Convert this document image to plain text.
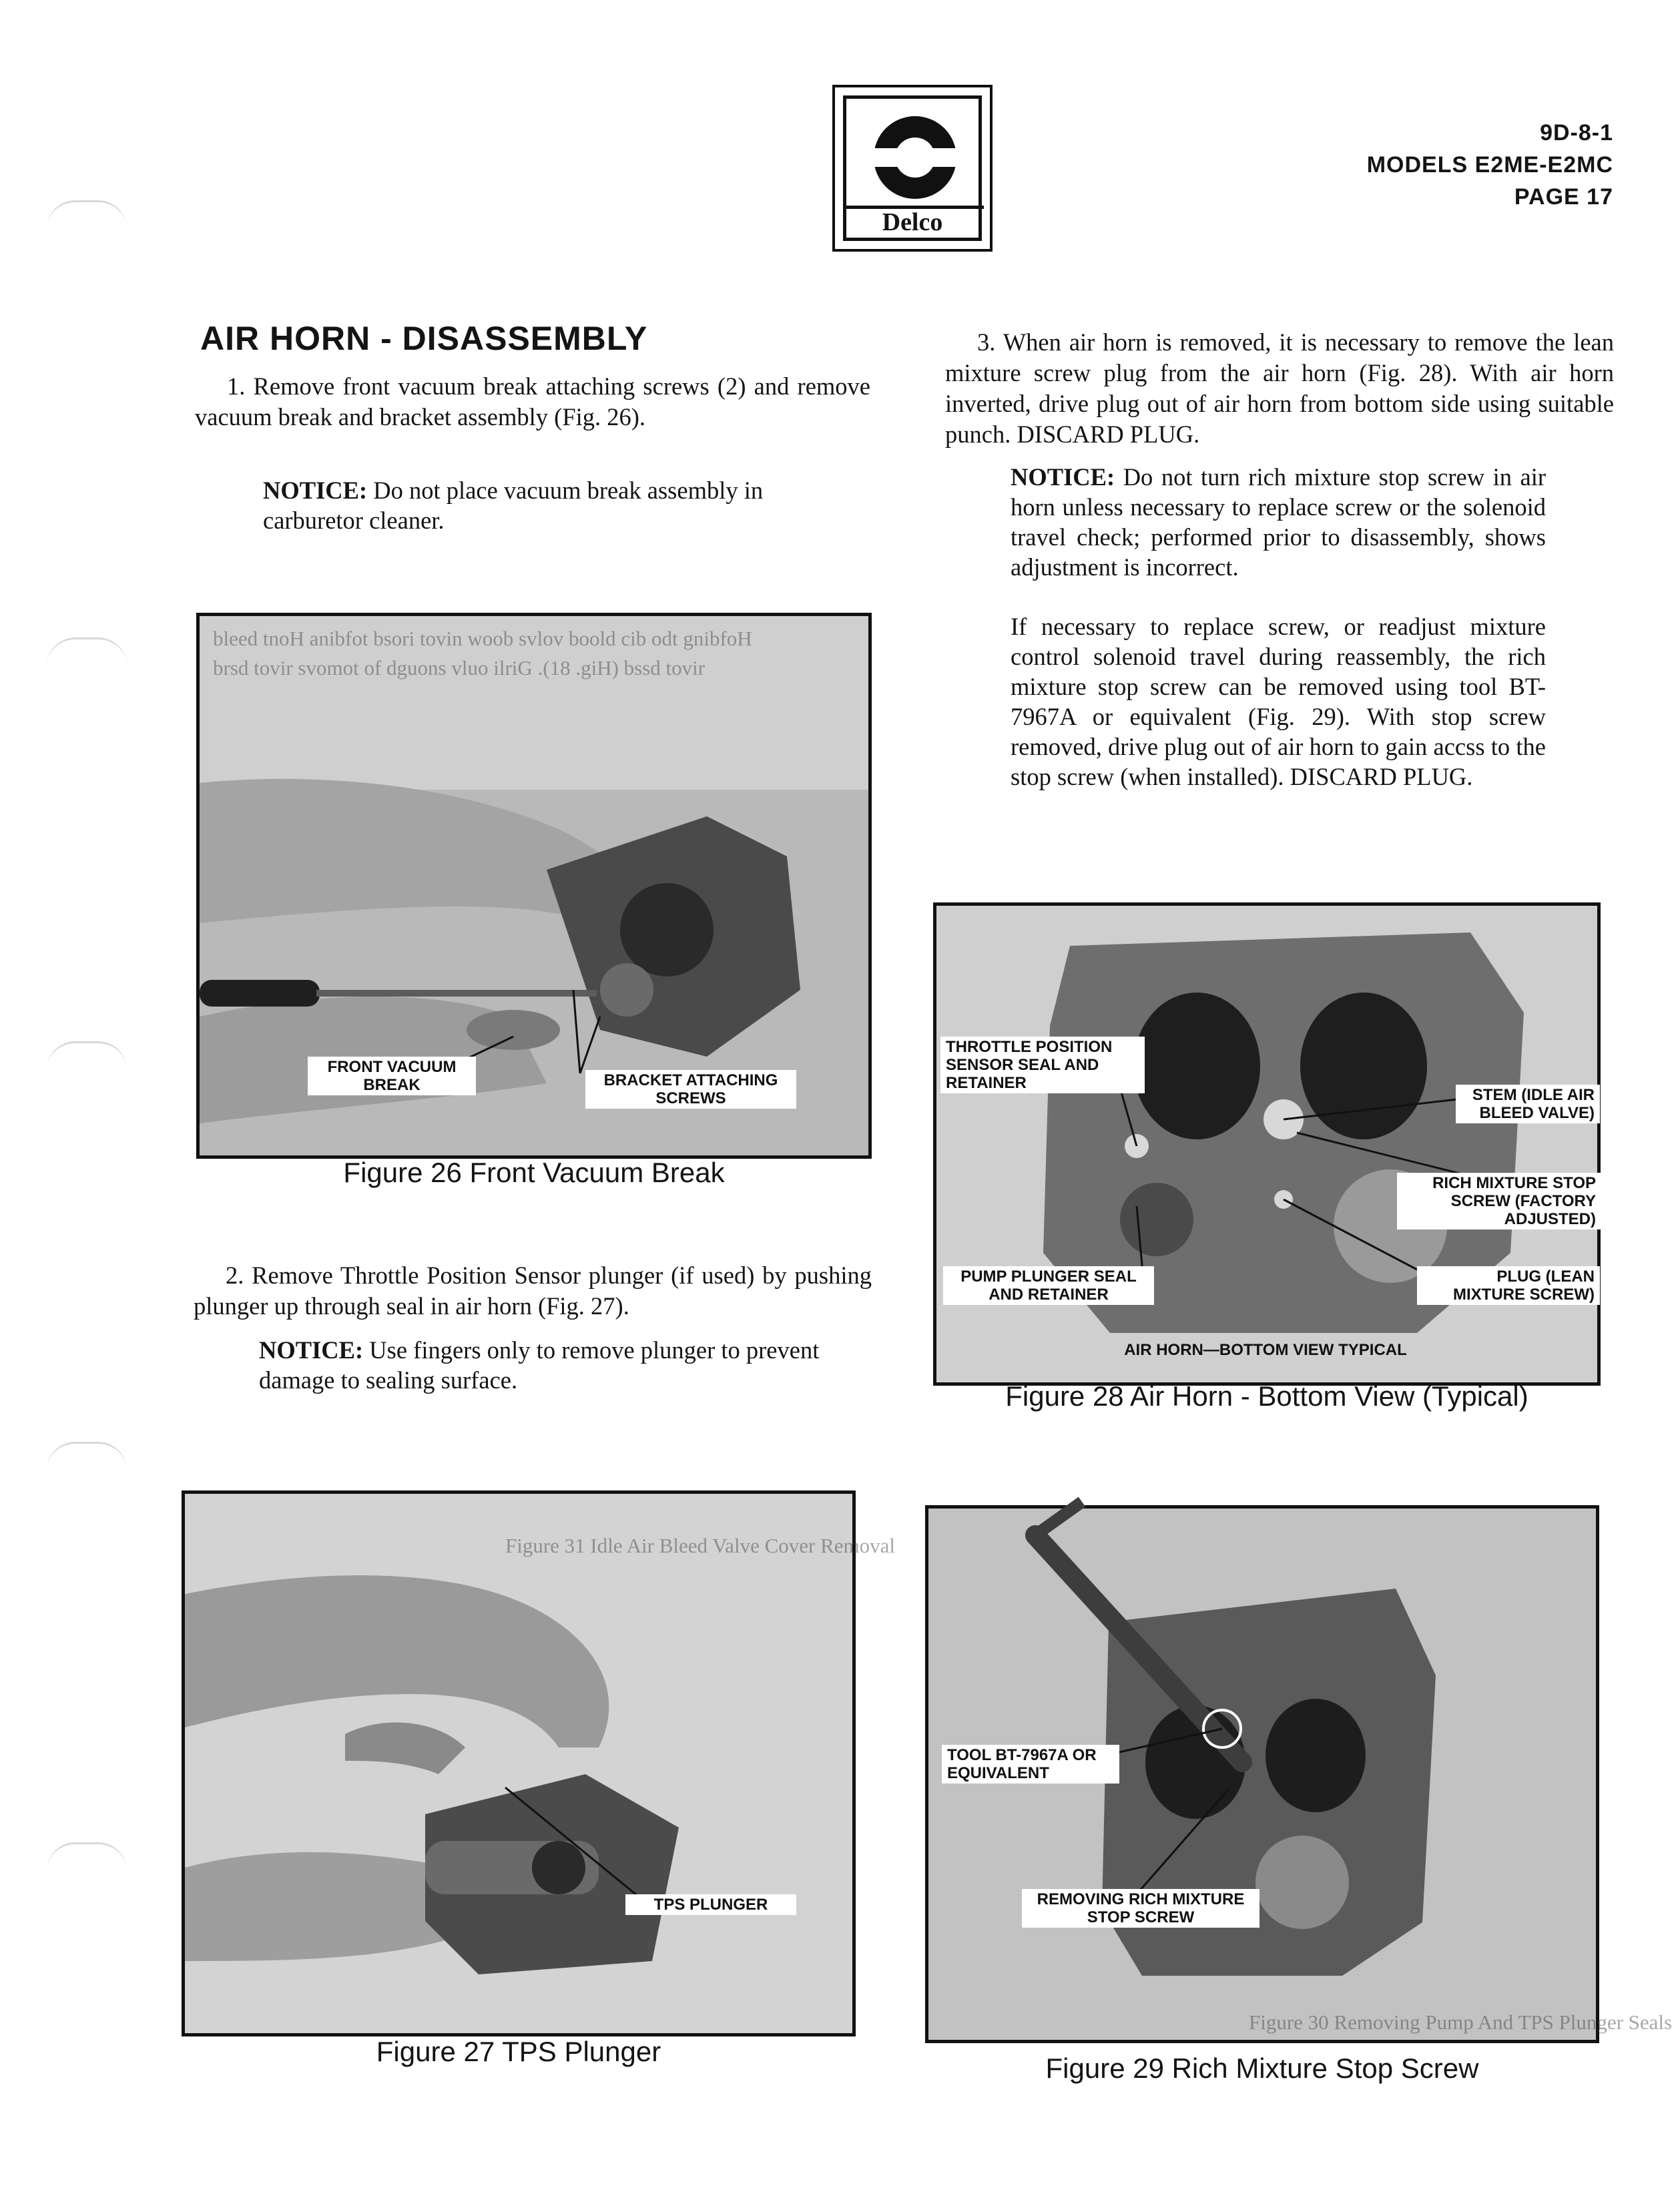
Delco
9D-8-1
MODELS E2ME-E2MC
PAGE 17
AIR HORN - DISASSEMBLY
1. Remove front vacuum break attaching screws (2) and remove vacuum break and bracket assembly (Fig. 26).
NOTICE: Do not place vacuum break assembly in carburetor cleaner.
bleed tnoH anibfot bsori tovin woob svlov boold cib odt gnibfoH
brsd tovir svomot of dguons vluo ilriG .(18 .giH) bssd tovir
FRONT VACUUM BREAK	BRACKET ATTACHING SCREWS
Figure 26 Front Vacuum Break
2. Remove Throttle Position Sensor plunger (if used) by pushing plunger up through seal in air horn (Fig. 27).
NOTICE: Use fingers only to remove plunger to prevent damage to sealing surface.
Figure 31 Idle Air Bleed Valve Cover Removal
TPS PLUNGER
Figure 27 TPS Plunger
3. When air horn is removed, it is necessary to remove the lean mixture screw plug from the air horn (Fig. 28). With air horn inverted, drive plug out of air horn from bottom side using suitable punch. DISCARD PLUG.
NOTICE: Do not turn rich mixture stop screw in air horn unless necessary to replace screw or the solenoid travel check; performed prior to disassembly, shows adjustment is incorrect.
If necessary to replace screw, or readjust mixture control solenoid travel during reassembly, the rich mixture stop screw can be removed using tool BT-7967A or equivalent (Fig. 29). With stop screw removed, drive plug out of air horn to gain accss to the stop screw (when installed). DISCARD PLUG.
THROTTLE POSITION SENSOR SEAL AND RETAINER
STEM (IDLE AIR BLEED VALVE)
RICH MIXTURE STOP SCREW (FACTORY ADJUSTED)
PUMP PLUNGER SEAL AND RETAINER
PLUG (LEAN MIXTURE SCREW)
AIR HORN—BOTTOM VIEW TYPICAL
Figure 28 Air Horn - Bottom View (Typical)
Figure 30 Removing Pump And TPS Plunger Seals
TOOL BT-7967A OR EQUIVALENT
REMOVING RICH MIXTURE STOP SCREW
Figure 29 Rich Mixture Stop Screw
